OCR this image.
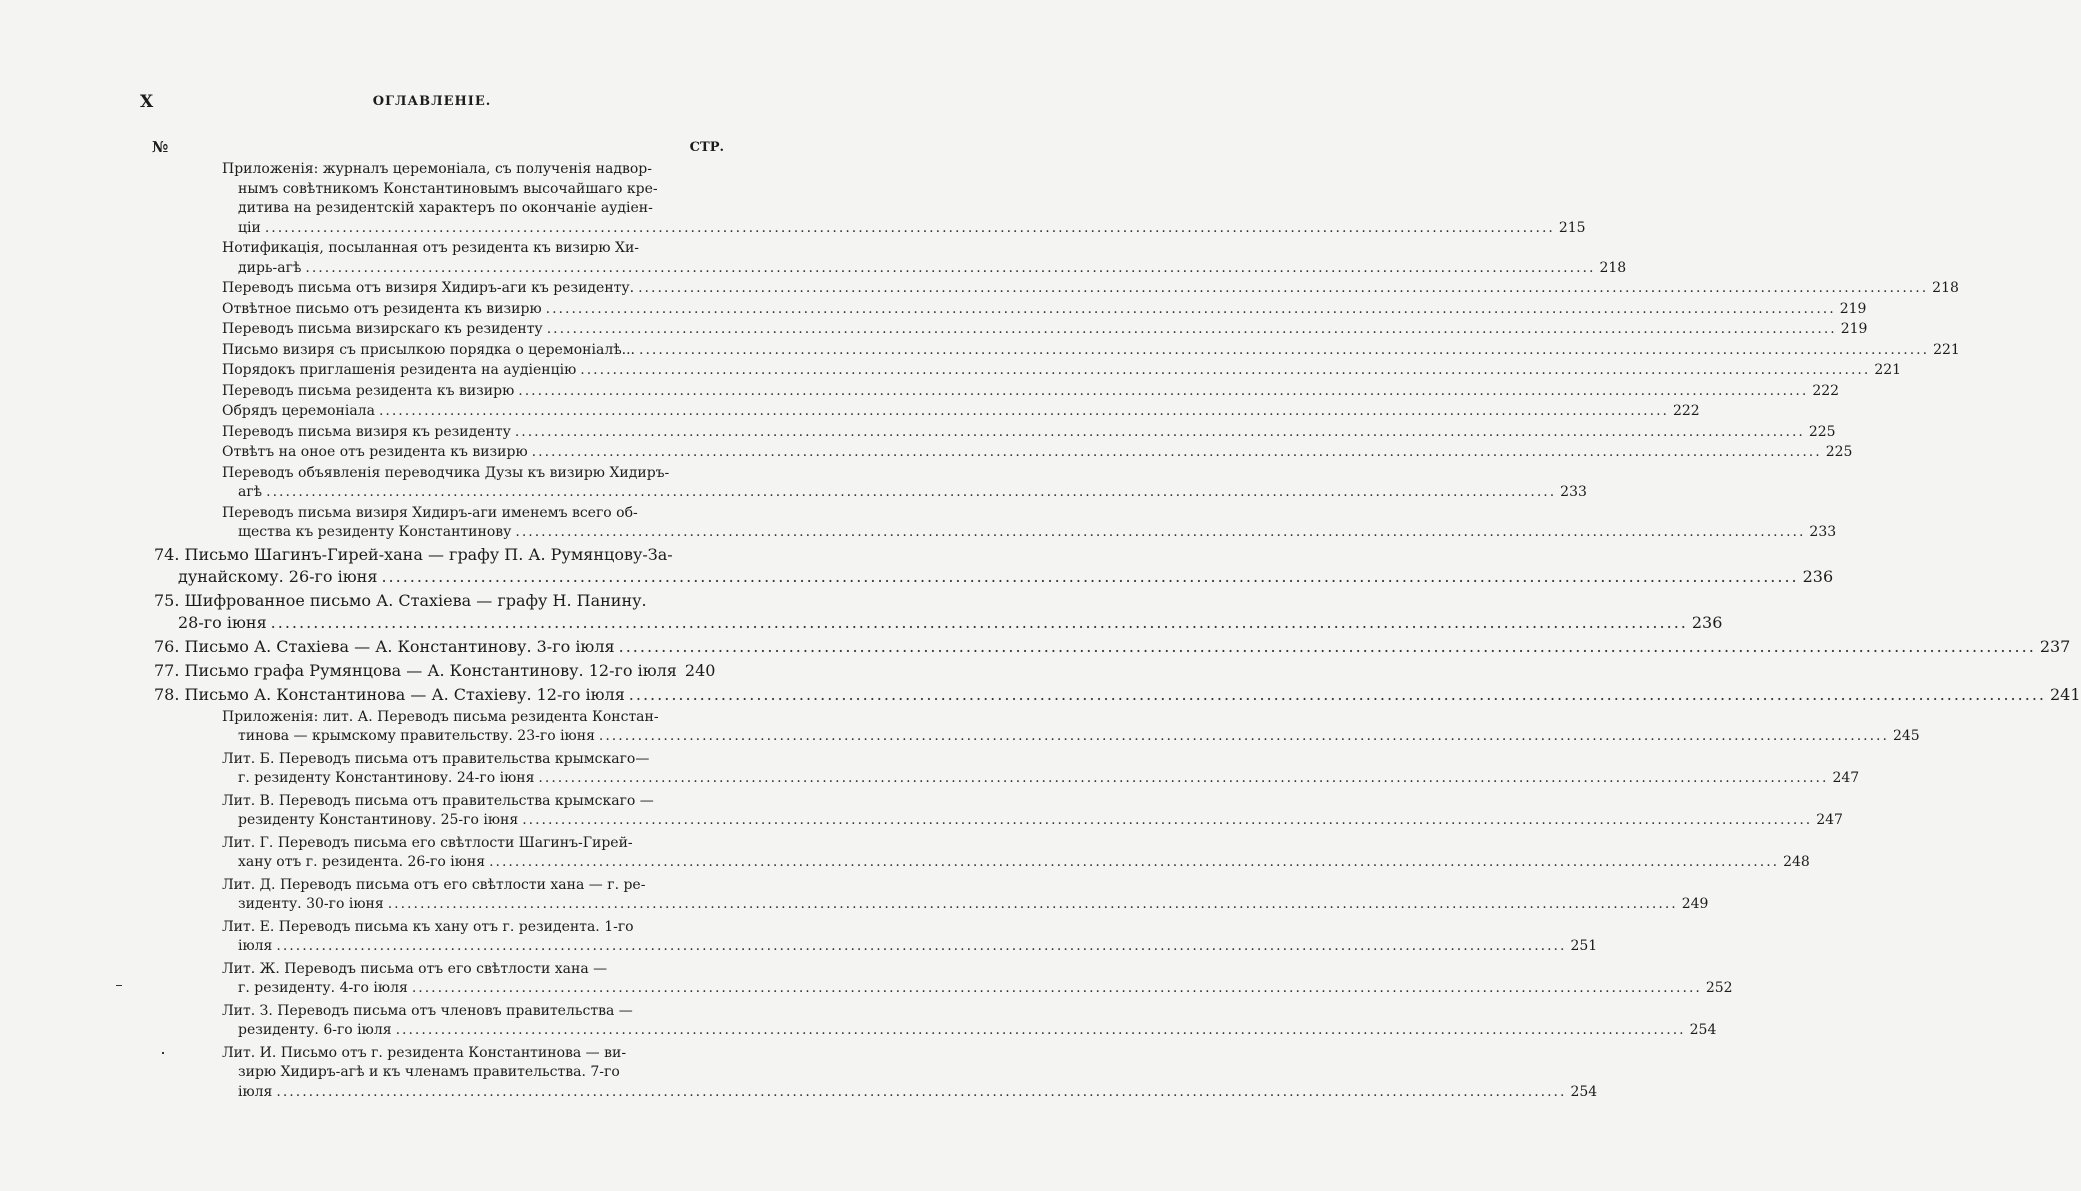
X	ОГЛАВЛЕНІЕ.
№	СТР.
Приложенія: журналъ церемоніала, съ полученія надвор-
нымъ совѣтникомъ Константиновымъ высочайшаго кре-
дитива на резидентскій характеръ по окончаніе аудіен-
ціи ........................................................................................................................................................................................................ 215
Нотификація, посыланная отъ резидента къ визирю Хи-
дирь-агѣ ........................................................................................................................................................................................................ 218
Переводъ письма отъ визиря Хидиръ-аги къ резиденту. ........................................................................................................................................................................................................ 218
Отвѣтное письмо отъ резидента къ визирю ........................................................................................................................................................................................................ 219
Переводъ письма визирскаго къ резиденту ........................................................................................................................................................................................................ 219
Письмо визиря съ присылкою порядка о церемоніалѣ... ........................................................................................................................................................................................................ 221
Порядокъ приглашенія резидента на аудіенцію ........................................................................................................................................................................................................ 221
Переводъ письма резидента къ визирю ........................................................................................................................................................................................................ 222
Обрядъ церемоніала ........................................................................................................................................................................................................ 222
Переводъ письма визиря къ резиденту ........................................................................................................................................................................................................ 225
Отвѣтъ на оное отъ резидента къ визирю ........................................................................................................................................................................................................ 225
Переводъ объявленія переводчика Дузы къ визирю Хидиръ-
агѣ ........................................................................................................................................................................................................ 233
Переводъ письма визиря Хидиръ-аги именемъ всего об-
щества къ резиденту Константинову ........................................................................................................................................................................................................ 233
74. Письмо Шагинъ-Гирей-хана — графу П. А. Румянцову-За-
дунайскому. 26-го іюня ........................................................................................................................................................................................................ 236
75. Шифрованное письмо А. Стахіева — графу Н. Панину.
28-го іюня ........................................................................................................................................................................................................ 236
76. Письмо А. Стахіева — А. Константинову. 3-го іюля ........................................................................................................................................................................................................ 237
77. Письмо графа Румянцова — А. Константинову. 12-го іюля 240
78. Письмо А. Константинова — А. Стахіеву. 12-го іюля ........................................................................................................................................................................................................ 241
Приложенія: лит. А. Переводъ письма резидента Констан-
тинова — крымскому правительству. 23-го іюня ........................................................................................................................................................................................................ 245
Лит. Б. Переводъ письма отъ правительства крымскаго—
г. резиденту Константинову. 24-го іюня ........................................................................................................................................................................................................ 247
Лит. В. Переводъ письма отъ правительства крымскаго —
резиденту Константинову. 25-го іюня ........................................................................................................................................................................................................ 247
Лит. Г. Переводъ письма его свѣтлости Шагинъ-Гирей-
хану отъ г. резидента. 26-го іюня ........................................................................................................................................................................................................ 248
Лит. Д. Переводъ письма отъ его свѣтлости хана — г. ре-
зиденту. 30-го іюня ........................................................................................................................................................................................................ 249
Лит. Е. Переводъ письма къ хану отъ г. резидента. 1-го
іюля ........................................................................................................................................................................................................ 251
Лит. Ж. Переводъ письма отъ его свѣтлости хана —
г. резиденту. 4-го іюля ........................................................................................................................................................................................................ 252
Лит. З. Переводъ письма отъ членовъ правительства —
резиденту. 6-го іюля ........................................................................................................................................................................................................ 254
Лит. И. Письмо отъ г. резидента Константинова — ви-
зирю Хидиръ-агѣ и къ членамъ правительства. 7-го
іюля ........................................................................................................................................................................................................ 254
